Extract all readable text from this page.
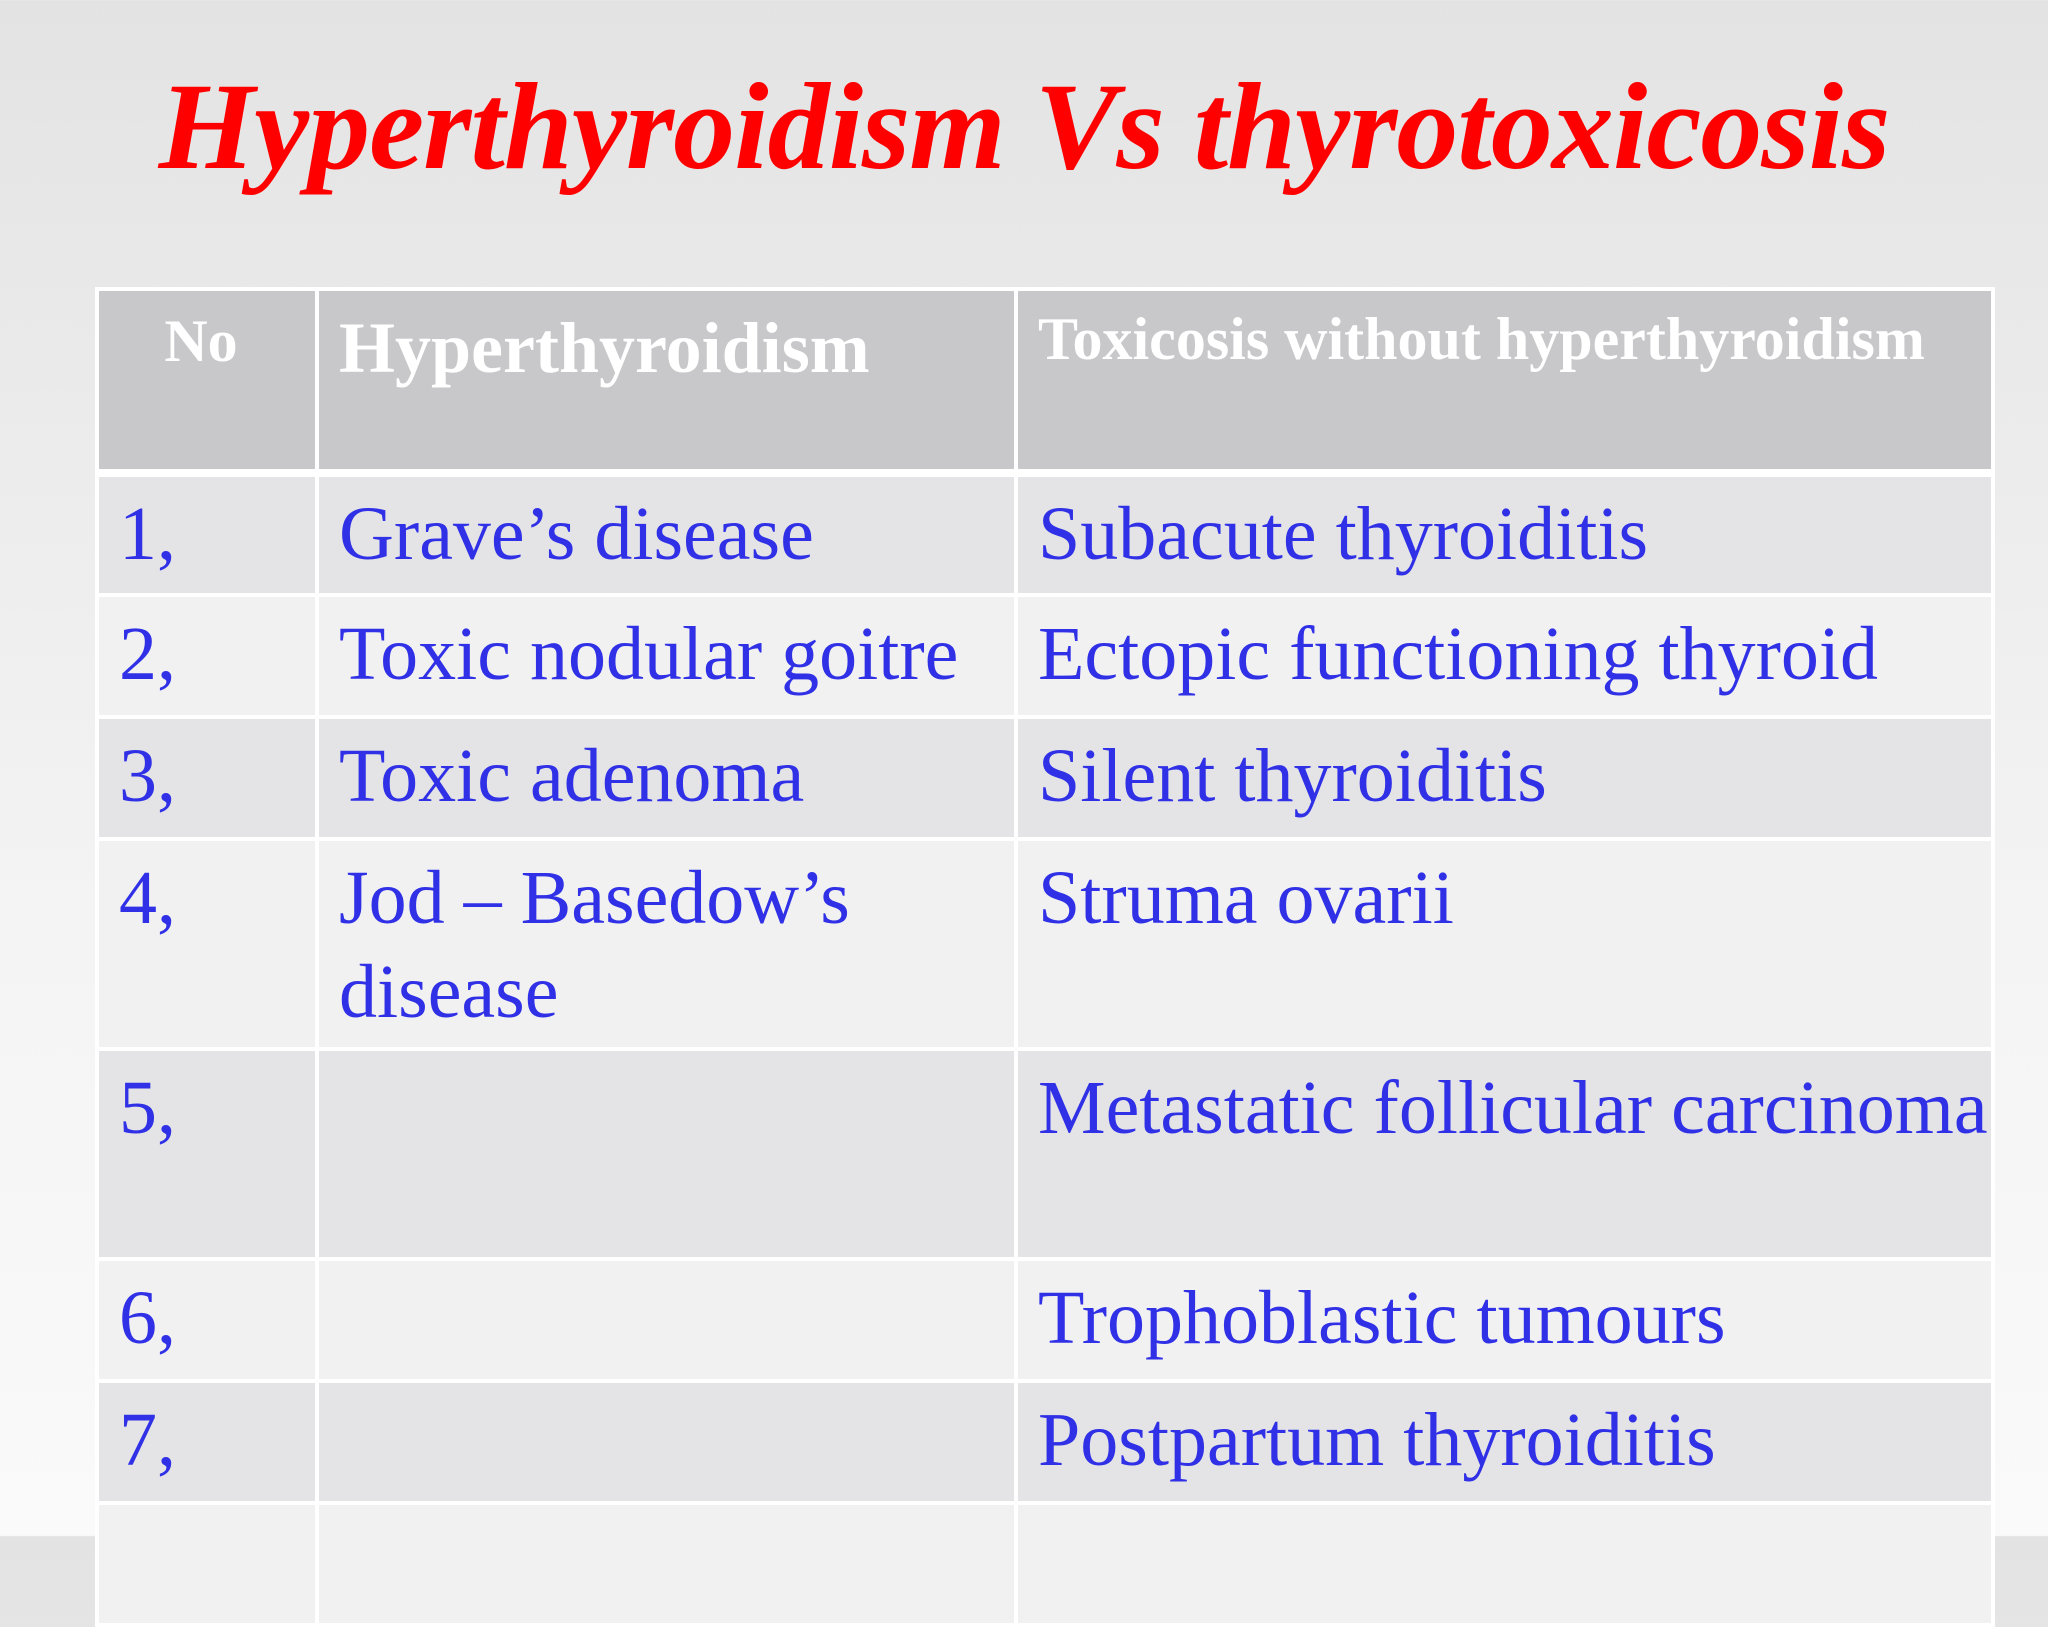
Hyperthyroidism Vs thyrotoxicosis
No	Hyperthyroidism	Toxicosis without hyperthyroidism
1,	Grave’s disease	Subacute thyroiditis
2,	Toxic nodular goitre	Ectopic functioning thyroid
3,	Toxic adenoma	Silent thyroiditis
4,	Jod – Basedow’s disease	Struma ovarii
5,		Metastatic follicular carcinoma
6,		Trophoblastic tumours
7,		Postpartum thyroiditis
